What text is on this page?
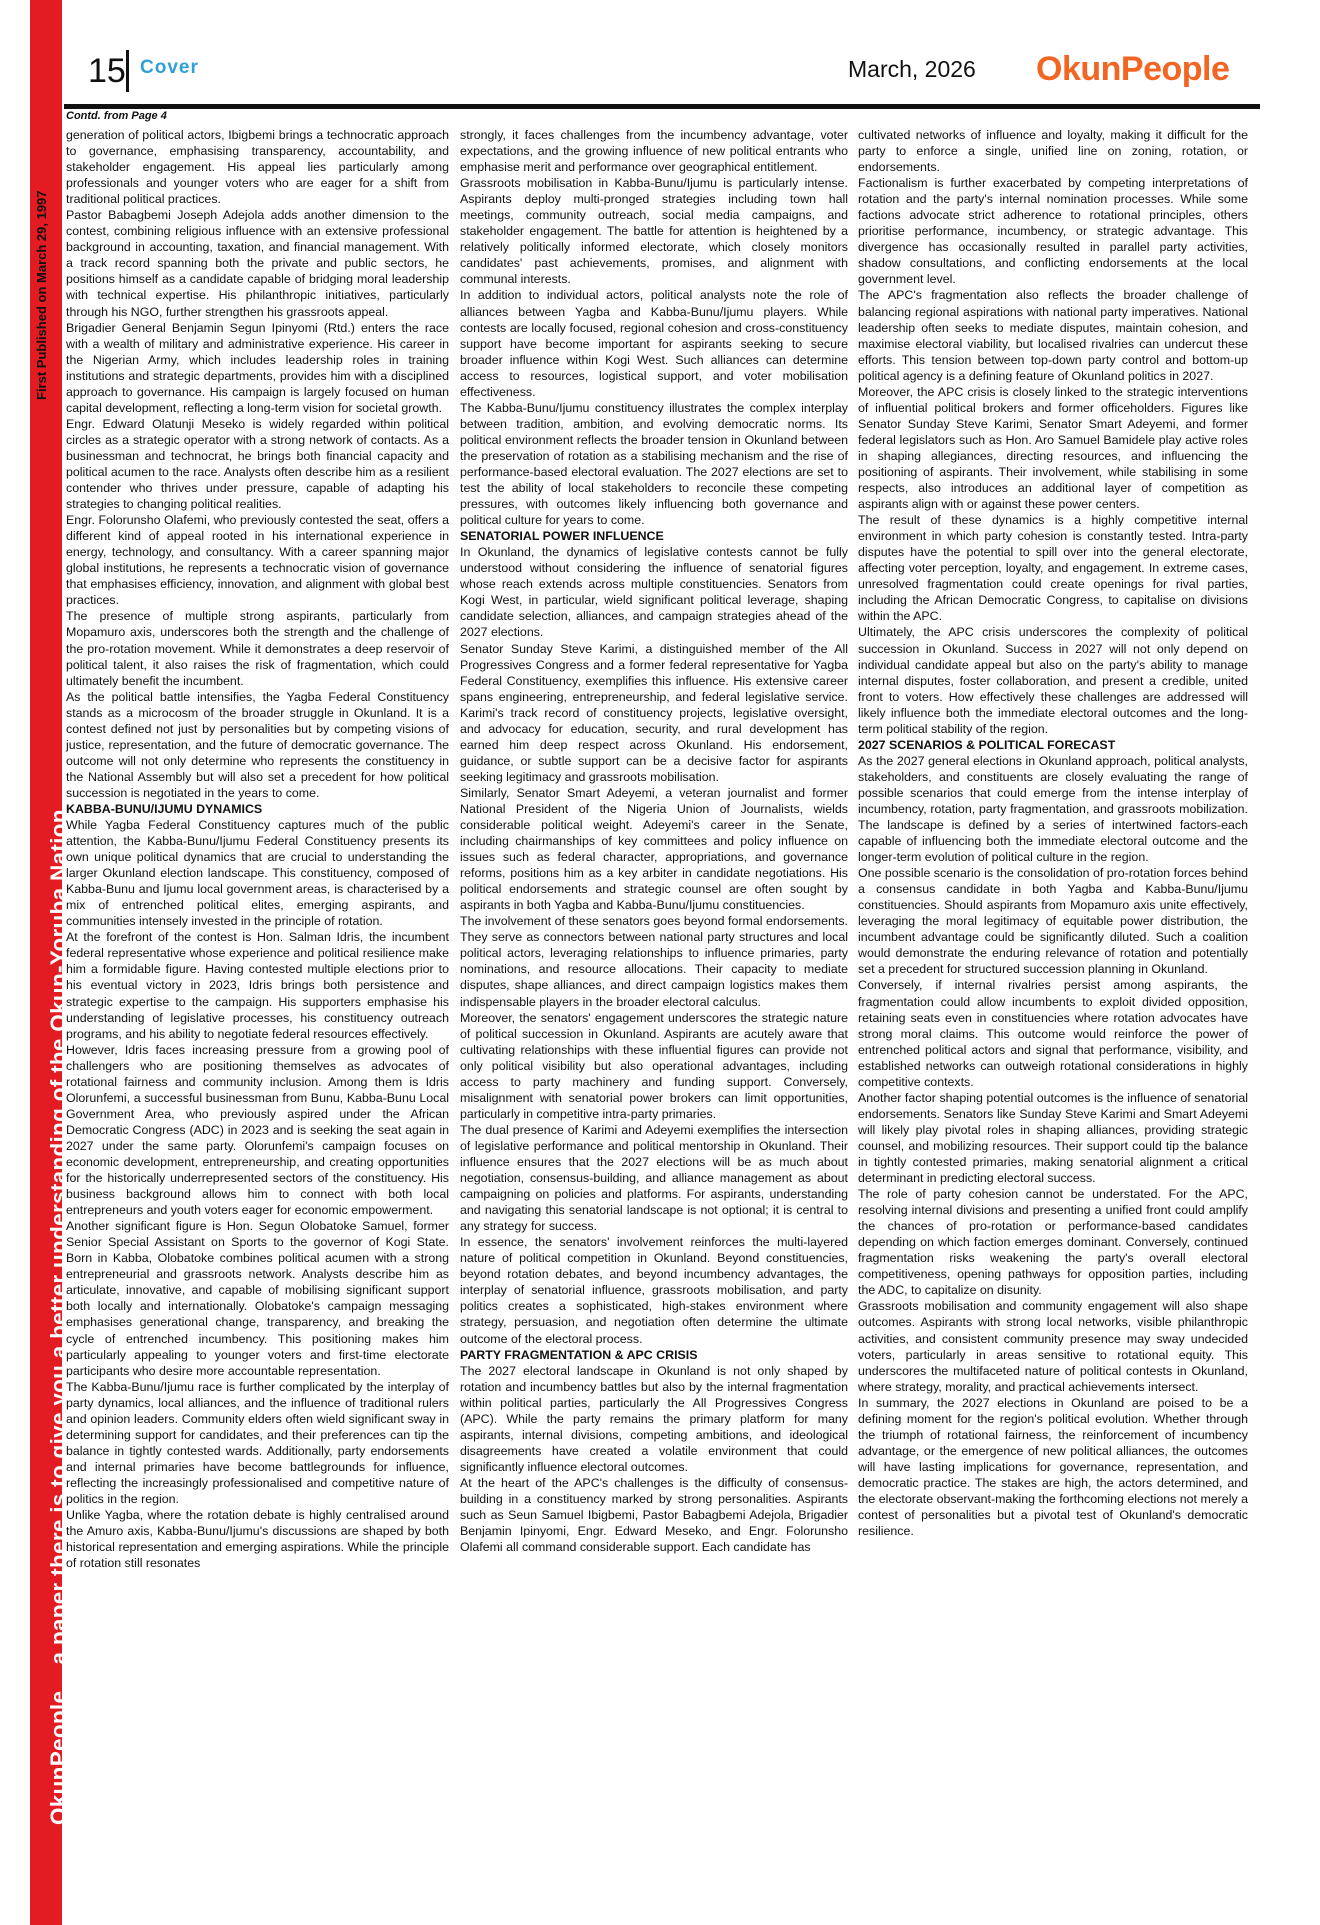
OkunPeople... a paper there is to give you a better understanding of the Okun-Yoruba Nation
First Published on March 29, 1997
15 Cover	March, 2026 OkunPeople
Contd. from Page 4

generation of political actors, Ibigbemi brings a technocratic approach to governance, emphasising transparency, accountability, and stakeholder engagement. His appeal lies particularly among professionals and younger voters who are eager for a shift from traditional political practices.

Pastor Babagbemi Joseph Adejola adds another dimension to the contest, combining religious influence with an extensive professional background in accounting, taxation, and financial management. With a track record spanning both the private and public sectors, he positions himself as a candidate capable of bridging moral leadership with technical expertise. His philanthropic initiatives, particularly through his NGO, further strengthen his grassroots appeal.

Brigadier General Benjamin Segun Ipinyomi (Rtd.) enters the race with a wealth of military and administrative experience. His career in the Nigerian Army, which includes leadership roles in training institutions and strategic departments, provides him with a disciplined approach to governance. His campaign is largely focused on human capital development, reflecting a long-term vision for societal growth.

Engr. Edward Olatunji Meseko is widely regarded within political circles as a strategic operator with a strong network of contacts. As a businessman and technocrat, he brings both financial capacity and political acumen to the race. Analysts often describe him as a resilient contender who thrives under pressure, capable of adapting his strategies to changing political realities.

Engr. Folorunsho Olafemi, who previously contested the seat, offers a different kind of appeal rooted in his international experience in energy, technology, and consultancy. With a career spanning major global institutions, he represents a technocratic vision of governance that emphasises efficiency, innovation, and alignment with global best practices.

The presence of multiple strong aspirants, particularly from Mopamuro axis, underscores both the strength and the challenge of the pro-rotation movement. While it demonstrates a deep reservoir of political talent, it also raises the risk of fragmentation, which could ultimately benefit the incumbent.

As the political battle intensifies, the Yagba Federal Constituency stands as a microcosm of the broader struggle in Okunland. It is a contest defined not just by personalities but by competing visions of justice, representation, and the future of democratic governance. The outcome will not only determine who represents the constituency in the National Assembly but will also set a precedent for how political succession is negotiated in the years to come.

KABBA-BUNU/IJUMU DYNAMICS

While Yagba Federal Constituency captures much of the public attention, the Kabba-Bunu/Ijumu Federal Constituency presents its own unique political dynamics that are crucial to understanding the larger Okunland election landscape. This constituency, composed of Kabba-Bunu and Ijumu local government areas, is characterised by a mix of entrenched political elites, emerging aspirants, and communities intensely invested in the principle of rotation.

At the forefront of the contest is Hon. Salman Idris, the incumbent federal representative whose experience and political resilience make him a formidable figure. Having contested multiple elections prior to his eventual victory in 2023, Idris brings both persistence and strategic expertise to the campaign. His supporters emphasise his understanding of legislative processes, his constituency outreach programs, and his ability to negotiate federal resources effectively.

However, Idris faces increasing pressure from a growing pool of challengers who are positioning themselves as advocates of rotational fairness and community inclusion. Among them is Idris Olorunfemi, a successful businessman from Bunu, Kabba-Bunu Local Government Area, who previously aspired under the African Democratic Congress (ADC) in 2023 and is seeking the seat again in 2027 under the same party. Olorunfemi's campaign focuses on economic development, entrepreneurship, and creating opportunities for the historically underrepresented sectors of the constituency. His business background allows him to connect with both local entrepreneurs and youth voters eager for economic empowerment.

Another significant figure is Hon. Segun Olobatoke Samuel, former Senior Special Assistant on Sports to the governor of Kogi State. Born in Kabba, Olobatoke combines political acumen with a strong entrepreneurial and grassroots network. Analysts describe him as articulate, innovative, and capable of mobilising significant support both locally and internationally. Olobatoke's campaign messaging emphasises generational change, transparency, and breaking the cycle of entrenched incumbency. This positioning makes him particularly appealing to younger voters and first-time electorate participants who desire more accountable representation.

The Kabba-Bunu/Ijumu race is further complicated by the interplay of party dynamics, local alliances, and the influence of traditional rulers and opinion leaders. Community elders often wield significant sway in determining support for candidates, and their preferences can tip the balance in tightly contested wards. Additionally, party endorsements and internal primaries have become battlegrounds for influence, reflecting the increasingly professionalised and competitive nature of politics in the region.

Unlike Yagba, where the rotation debate is highly centralised around the Amuro axis, Kabba-Bunu/Ijumu's discussions are shaped by both historical representation and emerging aspirations. While the principle of rotation still resonates

strongly, it faces challenges from the incumbency advantage, voter expectations, and the growing influence of new political entrants who emphasise merit and performance over geographical entitlement.

Grassroots mobilisation in Kabba-Bunu/Ijumu is particularly intense. Aspirants deploy multi-pronged strategies including town hall meetings, community outreach, social media campaigns, and stakeholder engagement. The battle for attention is heightened by a relatively politically informed electorate, which closely monitors candidates' past achievements, promises, and alignment with communal interests.

In addition to individual actors, political analysts note the role of alliances between Yagba and Kabba-Bunu/Ijumu players. While contests are locally focused, regional cohesion and cross-constituency support have become important for aspirants seeking to secure broader influence within Kogi West. Such alliances can determine access to resources, logistical support, and voter mobilisation effectiveness.

The Kabba-Bunu/Ijumu constituency illustrates the complex interplay between tradition, ambition, and evolving democratic norms. Its political environment reflects the broader tension in Okunland between the preservation of rotation as a stabilising mechanism and the rise of performance-based electoral evaluation. The 2027 elections are set to test the ability of local stakeholders to reconcile these competing pressures, with outcomes likely influencing both governance and political culture for years to come.

SENATORIAL POWER INFLUENCE

In Okunland, the dynamics of legislative contests cannot be fully understood without considering the influence of senatorial figures whose reach extends across multiple constituencies. Senators from Kogi West, in particular, wield significant political leverage, shaping candidate selection, alliances, and campaign strategies ahead of the 2027 elections.

Senator Sunday Steve Karimi, a distinguished member of the All Progressives Congress and a former federal representative for Yagba Federal Constituency, exemplifies this influence. His extensive career spans engineering, entrepreneurship, and federal legislative service. Karimi's track record of constituency projects, legislative oversight, and advocacy for education, security, and rural development has earned him deep respect across Okunland. His endorsement, guidance, or subtle support can be a decisive factor for aspirants seeking legitimacy and grassroots mobilisation.

Similarly, Senator Smart Adeyemi, a veteran journalist and former National President of the Nigeria Union of Journalists, wields considerable political weight. Adeyemi's career in the Senate, including chairmanships of key committees and policy influence on issues such as federal character, appropriations, and governance reforms, positions him as a key arbiter in candidate negotiations. His political endorsements and strategic counsel are often sought by aspirants in both Yagba and Kabba-Bunu/Ijumu constituencies.

The involvement of these senators goes beyond formal endorsements. They serve as connectors between national party structures and local political actors, leveraging relationships to influence primaries, party nominations, and resource allocations. Their capacity to mediate disputes, shape alliances, and direct campaign logistics makes them indispensable players in the broader electoral calculus.

Moreover, the senators' engagement underscores the strategic nature of political succession in Okunland. Aspirants are acutely aware that cultivating relationships with these influential figures can provide not only political visibility but also operational advantages, including access to party machinery and funding support. Conversely, misalignment with senatorial power brokers can limit opportunities, particularly in competitive intra-party primaries.

The dual presence of Karimi and Adeyemi exemplifies the intersection of legislative performance and political mentorship in Okunland. Their influence ensures that the 2027 elections will be as much about negotiation, consensus-building, and alliance management as about campaigning on policies and platforms. For aspirants, understanding and navigating this senatorial landscape is not optional; it is central to any strategy for success.

In essence, the senators' involvement reinforces the multi-layered nature of political competition in Okunland. Beyond constituencies, beyond rotation debates, and beyond incumbency advantages, the interplay of senatorial influence, grassroots mobilisation, and party politics creates a sophisticated, high-stakes environment where strategy, persuasion, and negotiation often determine the ultimate outcome of the electoral process.

PARTY FRAGMENTATION & APC CRISIS

The 2027 electoral landscape in Okunland is not only shaped by rotation and incumbency battles but also by the internal fragmentation within political parties, particularly the All Progressives Congress (APC). While the party remains the primary platform for many aspirants, internal divisions, competing ambitions, and ideological disagreements have created a volatile environment that could significantly influence electoral outcomes.

At the heart of the APC's challenges is the difficulty of consensus-building in a constituency marked by strong personalities. Aspirants such as Seun Samuel Ibigbemi, Pastor Babagbemi Adejola, Brigadier Benjamin Ipinyomi, Engr. Edward Meseko, and Engr. Folorunsho Olafemi all command considerable support. Each candidate has

cultivated networks of influence and loyalty, making it difficult for the party to enforce a single, unified line on zoning, rotation, or endorsements.

Factionalism is further exacerbated by competing interpretations of rotation and the party's internal nomination processes. While some factions advocate strict adherence to rotational principles, others prioritise performance, incumbency, or strategic advantage. This divergence has occasionally resulted in parallel party activities, shadow consultations, and conflicting endorsements at the local government level.

The APC's fragmentation also reflects the broader challenge of balancing regional aspirations with national party imperatives. National leadership often seeks to mediate disputes, maintain cohesion, and maximise electoral viability, but localised rivalries can undercut these efforts. This tension between top-down party control and bottom-up political agency is a defining feature of Okunland politics in 2027.

Moreover, the APC crisis is closely linked to the strategic interventions of influential political brokers and former officeholders. Figures like Senator Sunday Steve Karimi, Senator Smart Adeyemi, and former federal legislators such as Hon. Aro Samuel Bamidele play active roles in shaping allegiances, directing resources, and influencing the positioning of aspirants. Their involvement, while stabilising in some respects, also introduces an additional layer of competition as aspirants align with or against these power centers.

The result of these dynamics is a highly competitive internal environment in which party cohesion is constantly tested. Intra-party disputes have the potential to spill over into the general electorate, affecting voter perception, loyalty, and engagement. In extreme cases, unresolved fragmentation could create openings for rival parties, including the African Democratic Congress, to capitalise on divisions within the APC.

Ultimately, the APC crisis underscores the complexity of political succession in Okunland. Success in 2027 will not only depend on individual candidate appeal but also on the party's ability to manage internal disputes, foster collaboration, and present a credible, united front to voters. How effectively these challenges are addressed will likely influence both the immediate electoral outcomes and the long-term political stability of the region.

2027 SCENARIOS & POLITICAL FORECAST

As the 2027 general elections in Okunland approach, political analysts, stakeholders, and constituents are closely evaluating the range of possible scenarios that could emerge from the intense interplay of incumbency, rotation, party fragmentation, and grassroots mobilization. The landscape is defined by a series of intertwined factors-each capable of influencing both the immediate electoral outcome and the longer-term evolution of political culture in the region.

One possible scenario is the consolidation of pro-rotation forces behind a consensus candidate in both Yagba and Kabba-Bunu/Ijumu constituencies. Should aspirants from Mopamuro axis unite effectively, leveraging the moral legitimacy of equitable power distribution, the incumbent advantage could be significantly diluted. Such a coalition would demonstrate the enduring relevance of rotation and potentially set a precedent for structured succession planning in Okunland.

Conversely, if internal rivalries persist among aspirants, the fragmentation could allow incumbents to exploit divided opposition, retaining seats even in constituencies where rotation advocates have strong moral claims. This outcome would reinforce the power of entrenched political actors and signal that performance, visibility, and established networks can outweigh rotational considerations in highly competitive contexts.

Another factor shaping potential outcomes is the influence of senatorial endorsements. Senators like Sunday Steve Karimi and Smart Adeyemi will likely play pivotal roles in shaping alliances, providing strategic counsel, and mobilizing resources. Their support could tip the balance in tightly contested primaries, making senatorial alignment a critical determinant in predicting electoral success.

The role of party cohesion cannot be understated. For the APC, resolving internal divisions and presenting a unified front could amplify the chances of pro-rotation or performance-based candidates depending on which faction emerges dominant. Conversely, continued fragmentation risks weakening the party's overall electoral competitiveness, opening pathways for opposition parties, including the ADC, to capitalize on disunity.

Grassroots mobilisation and community engagement will also shape outcomes. Aspirants with strong local networks, visible philanthropic activities, and consistent community presence may sway undecided voters, particularly in areas sensitive to rotational equity. This underscores the multifaceted nature of political contests in Okunland, where strategy, morality, and practical achievements intersect.

In summary, the 2027 elections in Okunland are poised to be a defining moment for the region's political evolution. Whether through the triumph of rotational fairness, the reinforcement of incumbency advantage, or the emergence of new political alliances, the outcomes will have lasting implications for governance, representation, and democratic practice. The stakes are high, the actors determined, and the electorate observant-making the forthcoming elections not merely a contest of personalities but a pivotal test of Okunland's democratic resilience.
